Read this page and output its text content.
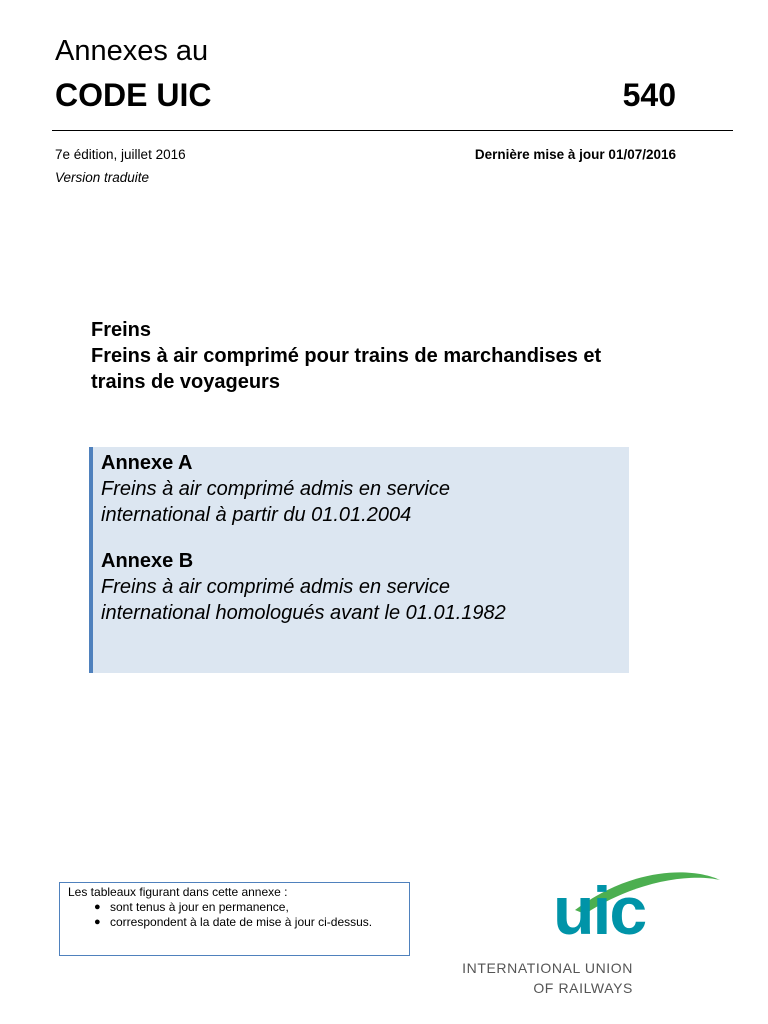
Annexes au
CODE UIC	540
7e édition, juillet 2016
Version traduite
Dernière mise à jour 01/07/2016
Freins
Freins à air comprimé pour trains de marchandises et
trains de voyageurs
Annexe A
Freins à air comprimé admis en service
international à partir du 01.01.2004
Annexe B
Freins à air comprimé admis en service
international homologués avant le 01.01.1982
Les tableaux figurant dans cette annexe :
● sont tenus à jour en permanence,
● correspondent à la date de mise à jour ci-dessus.	uic
INTERNATIONAL UNION
OF RAILWAYS
